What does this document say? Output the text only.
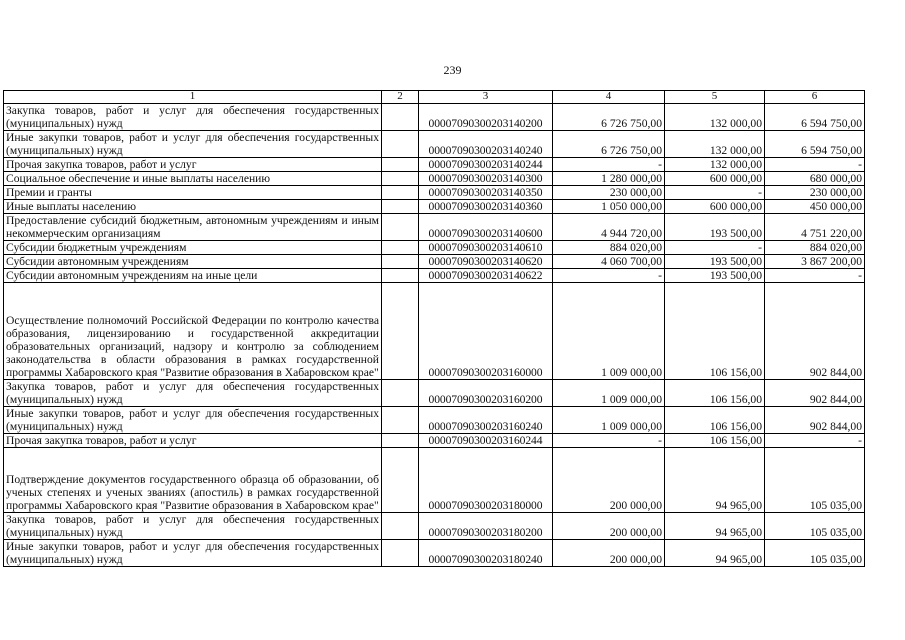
239
1	2	3	4	5	6
Закупка товаров, работ и услуг для обеспечения государственных (муниципальных) нужд		00007090300203140200	6 726 750,00	132 000,00	6 594 750,00
Иные закупки товаров, работ и услуг для обеспечения государственных (муниципальных) нужд		00007090300203140240	6 726 750,00	132 000,00	6 594 750,00
Прочая закупка товаров, работ и услуг		00007090300203140244	-	132 000,00	-
Социальное обеспечение и иные выплаты населению		00007090300203140300	1 280 000,00	600 000,00	680 000,00
Премии и гранты		00007090300203140350	230 000,00	-	230 000,00
Иные выплаты населению		00007090300203140360	1 050 000,00	600 000,00	450 000,00
Предоставление субсидий бюджетным, автономным учреждениям и иным некоммерческим организациям		00007090300203140600	4 944 720,00	193 500,00	4 751 220,00
Субсидии бюджетным учреждениям		00007090300203140610	884 020,00	-	884 020,00
Субсидии автономным учреждениям		00007090300203140620	4 060 700,00	193 500,00	3 867 200,00
Субсидии автономным учреждениям на иные цели		00007090300203140622	-	193 500,00	-
Осуществление полномочий Российской Федерации по контролю качества образования, лицензированию и государственной аккредитации образовательных организаций, надзору и контролю за соблюдением законодательства в области образования в рамках государственной программы Хабаровского края "Развитие образования в Хабаровском крае"		00007090300203160000	1 009 000,00	106 156,00	902 844,00
Закупка товаров, работ и услуг для обеспечения государственных (муниципальных) нужд		00007090300203160200	1 009 000,00	106 156,00	902 844,00
Иные закупки товаров, работ и услуг для обеспечения государственных (муниципальных) нужд		00007090300203160240	1 009 000,00	106 156,00	902 844,00
Прочая закупка товаров, работ и услуг		00007090300203160244	-	106 156,00	-
Подтверждение документов государственного образца об образовании, об ученых степенях и ученых званиях (апостиль) в рамках государственной программы Хабаровского края "Развитие образования в Хабаровском крае"		00007090300203180000	200 000,00	94 965,00	105 035,00
Закупка товаров, работ и услуг для обеспечения государственных (муниципальных) нужд		00007090300203180200	200 000,00	94 965,00	105 035,00
Иные закупки товаров, работ и услуг для обеспечения государственных (муниципальных) нужд		00007090300203180240	200 000,00	94 965,00	105 035,00
